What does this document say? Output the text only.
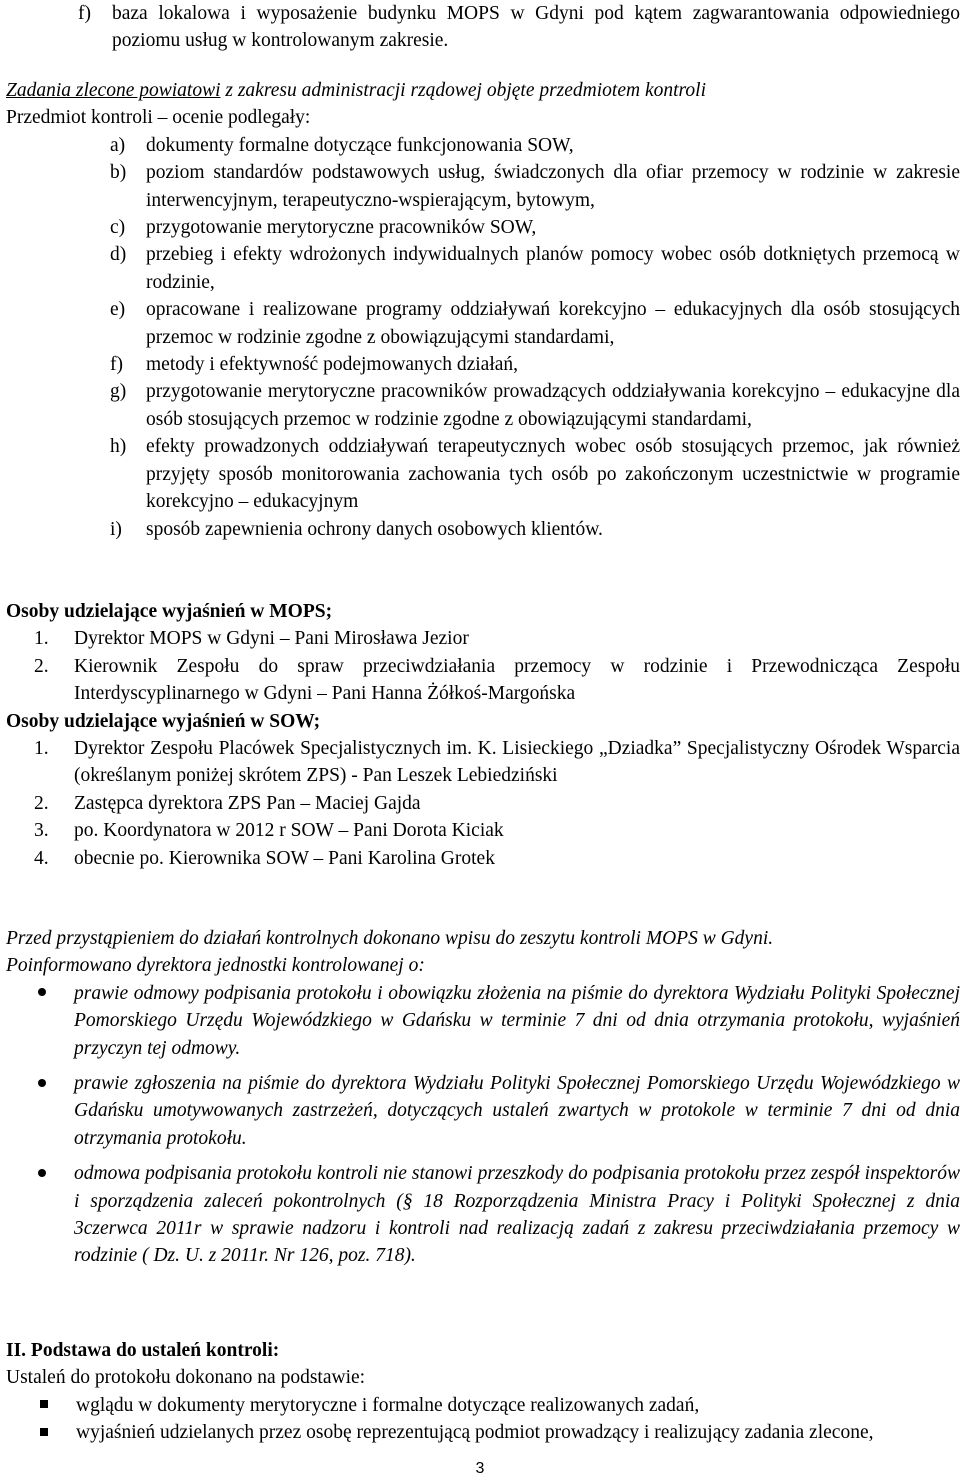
f)	baza lokalowa i wyposażenie budynku MOPS w Gdyni pod kątem zagwarantowania odpowiedniego poziomu usług w kontrolowanym zakresie.

Zadania zlecone powiatowi z zakresu administracji rządowej objęte przedmiotem kontroli

Przedmiot kontroli – ocenie podlegały:

a)	dokumenty formalne dotyczące funkcjonowania SOW,
b)	poziom standardów podstawowych usług, świadczonych dla ofiar przemocy w rodzinie w zakresie interwencyjnym, terapeutyczno-wspierającym, bytowym,
c)	przygotowanie merytoryczne pracowników SOW,
d)	przebieg i efekty wdrożonych indywidualnych planów pomocy wobec osób dotkniętych przemocą w rodzinie,
e)	opracowane i realizowane programy oddziaływań korekcyjno – edukacyjnych dla osób stosujących przemoc w rodzinie zgodne z obowiązującymi standardami,
f)	metody i efektywność podejmowanych działań,
g)	przygotowanie merytoryczne pracowników prowadzących oddziaływania korekcyjno – edukacyjne dla osób stosujących przemoc w rodzinie zgodne z obowiązującymi standardami,
h)	efekty prowadzonych oddziaływań terapeutycznych wobec osób stosujących przemoc, jak również przyjęty sposób monitorowania zachowania tych osób po zakończonym uczestnictwie w programie korekcyjno – edukacyjnym
i)	sposób zapewnienia ochrony danych osobowych klientów.

Osoby udzielające wyjaśnień w MOPS;

1.	Dyrektor MOPS w Gdyni – Pani Mirosława Jezior
2.	Kierownik Zespołu do spraw przeciwdziałania przemocy w rodzinie i Przewodnicząca Zespołu Interdyscyplinarnego w Gdyni – Pani Hanna Żółkoś-Margońska

Osoby udzielające wyjaśnień w SOW;

1.	Dyrektor Zespołu Placówek Specjalistycznych im. K. Lisieckiego „Dziadka” Specjalistyczny Ośrodek Wsparcia (określanym poniżej skrótem ZPS) - Pan Leszek Lebiedziński
2.	Zastępca dyrektora ZPS Pan – Maciej Gajda
3.	po. Koordynatora w 2012 r SOW – Pani Dorota Kiciak
4.	obecnie po. Kierownika SOW – Pani Karolina Grotek

Przed przystąpieniem do działań kontrolnych dokonano wpisu do zeszytu kontroli MOPS w Gdyni.

Poinformowano dyrektora jednostki kontrolowanej o:

prawie odmowy podpisania protokołu i obowiązku złożenia na piśmie do dyrektora Wydziału Polityki Społecznej Pomorskiego Urzędu Wojewódzkiego w Gdańsku w terminie 7 dni od dnia otrzymania protokołu, wyjaśnień przyczyn tej odmowy.
prawie zgłoszenia na piśmie do dyrektora Wydziału Polityki Społecznej Pomorskiego Urzędu Wojewódzkiego w Gdańsku umotywowanych zastrzeżeń, dotyczących ustaleń zwartych w protokole w terminie 7 dni od dnia otrzymania protokołu.
odmowa podpisania protokołu kontroli nie stanowi przeszkody do podpisania protokołu przez zespół inspektorów i sporządzenia zaleceń pokontrolnych (§ 18 Rozporządzenia Ministra Pracy i Polityki Społecznej z dnia 3czerwca 2011r w sprawie nadzoru i kontroli nad realizacją zadań z zakresu przeciwdziałania przemocy w rodzinie ( Dz. U. z 2011r. Nr 126, poz. 718).

II. Podstawa do ustaleń kontroli:

Ustaleń do protokołu dokonano na podstawie:

wglądu w dokumenty merytoryczne i formalne dotyczące realizowanych zadań,
wyjaśnień udzielanych przez osobę reprezentującą podmiot prowadzący i realizujący zadania zlecone,
3
